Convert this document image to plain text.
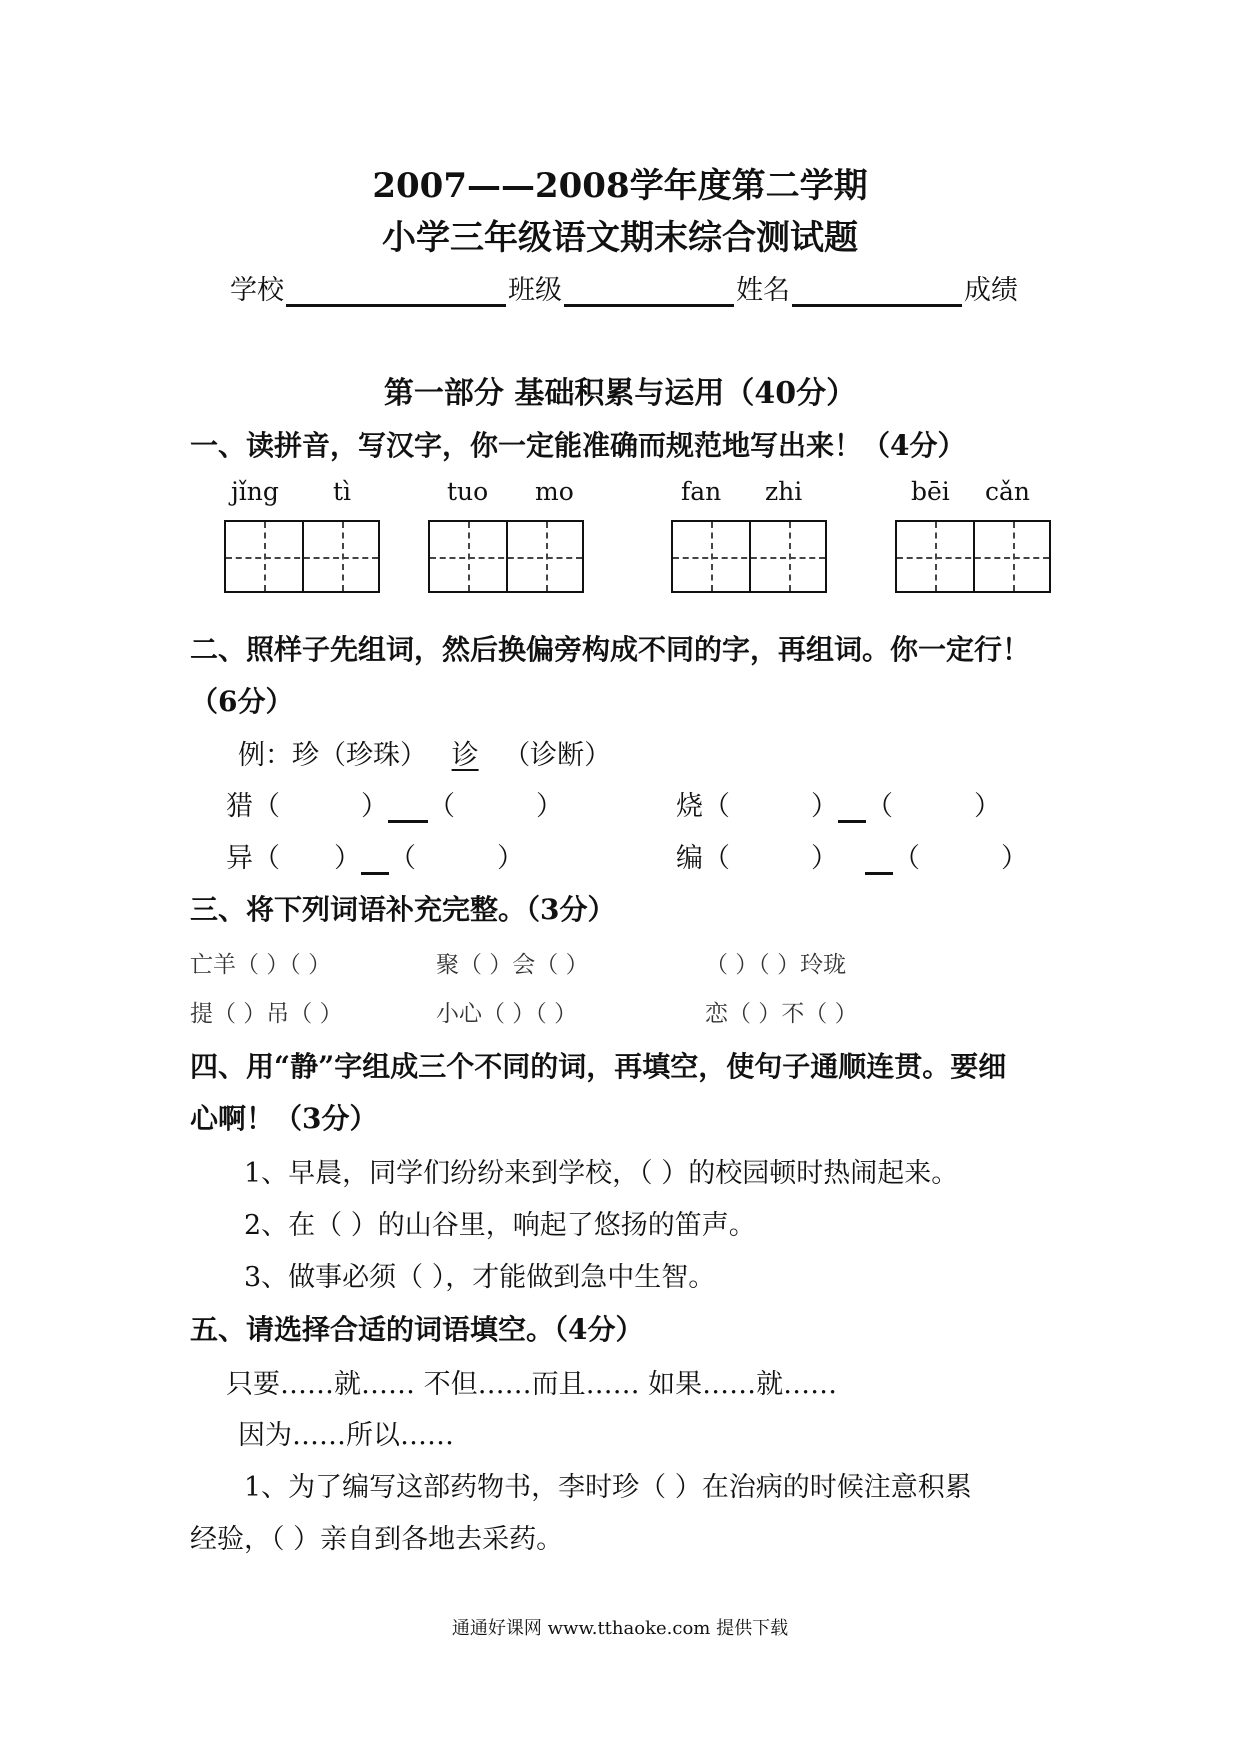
2007——2008学年度第二学期
小学三年级语文期末综合测试题
学校	班级	姓名	成绩
第一部分 基础积累与运用（40分）
一、读拼音，写汉字，你一定能准确而规范地写出来！（4分）
jǐng tì	tuo mo	fan zhi	bēi cǎn
二、照样子先组词，然后换偏旁构成不同的字，再组词。你一定行！
（6分）
例：珍（珍珠） 诊 （诊断）
猎（   ） （   ）	烧（   ） （   ）
异（  ） （   ）	编（   ） （   ）
三、将下列词语补充完整。（3分）
亡羊（ ）（ ）	聚（ ）会（ ）	（ ）（ ）玲珑
提（ ）吊（ ）	小心（ ）（ ）	恋（ ）不（ ）
四、用“静”字组成三个不同的词，再填空，使句子通顺连贯。要细
心啊！（3分）
1、早晨，同学们纷纷来到学校，（ ）的校园顿时热闹起来。
2、在（ ）的山谷里，响起了悠扬的笛声。
3、做事必须（ ），才能做到急中生智。
五、请选择合适的词语填空。（4分）
只要……就…… 不但……而且…… 如果……就……
因为……所以……
1、为了编写这部药物书，李时珍（ ）在治病的时候注意积累
经验，（ ）亲自到各地去采药。
通通好课网 www.tthaoke.com 提供下载
